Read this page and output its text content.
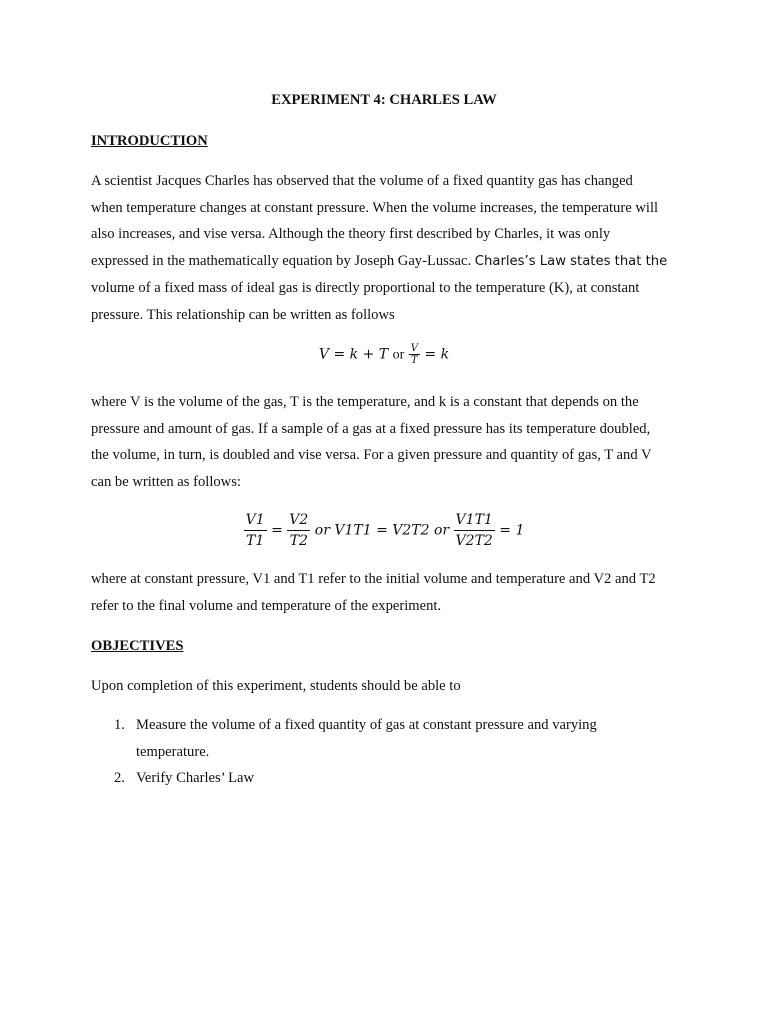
EXPERIMENT 4: CHARLES LAW
INTRODUCTION

A scientist Jacques Charles has observed that the volume of a fixed quantity gas has changed
when temperature changes at constant pressure. When the volume increases, the temperature will
also increases, and vise versa. Although the theory first described by Charles, it was only
expressed in the mathematically equation by Joseph Gay-Lussac. Charles’s Law states that the
volume of a fixed mass of ideal gas is directly proportional to the temperature (K), at constant
pressure. This relationship can be written as follows

V = k + T or $\frac{V}{T} = k$

where V is the volume of the gas, T is the temperature, and k is a constant that depends on the
pressure and amount of gas. If a sample of a gas at a fixed pressure has its temperature doubled,
the volume, in turn, is doubled and vise versa. For a given pressure and quantity of gas, T and V
can be written as follows:

$\frac{V1}{T1} = \frac{V2}{T2}$ or V1T1 = V2T2 or $\frac{V1T1}{V2T2} = 1$

where at constant pressure, V1 and T1 refer to the initial volume and temperature and V2 and T2
refer to the final volume and temperature of the experiment.

OBJECTIVES

Upon completion of this experiment, students should be able to

1. Measure the volume of a fixed quantity of gas at constant pressure and varying
temperature.
2. Verify Charles’ Law
